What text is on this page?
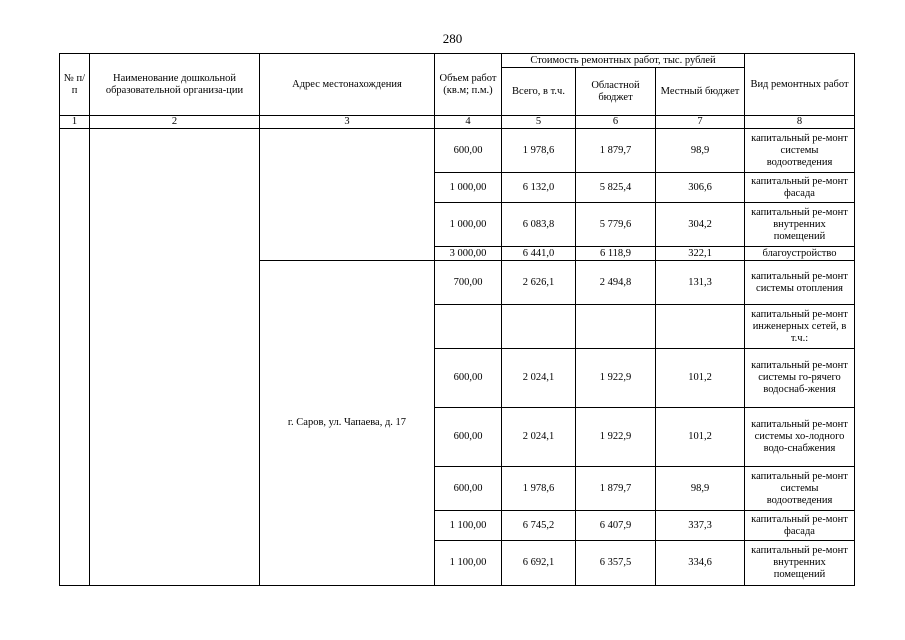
280
№ п/п	Наименование дошкольной образовательной организа-ции	Адрес местонахождения	Объем работ (кв.м; п.м.)	Стоимость ремонтных работ, тыс. рублей			Вид ремонтных работ
				Всего, в т.ч.	Областной бюджет	Местный бюджет	
1	2	3	4	5	6	7	8
			600,00	1 978,6	1 879,7	98,9	капитальный ре-монт системы водоотведения
			1 000,00	6 132,0	5 825,4	306,6	капитальный ре-монт фасада
			1 000,00	6 083,8	5 779,6	304,2	капитальный ре-монт внутренних помещений
			3 000,00	6 441,0	6 118,9	322,1	благоустройство
		г. Саров, ул. Чапаева, д. 17	700,00	2 626,1	2 494,8	131,3	капитальный ре-монт системы отопления
							капитальный ре-монт инженерных сетей, в т.ч.:
			600,00	2 024,1	1 922,9	101,2	капитальный ре-монт системы го-рячего водоснаб-жения
			600,00	2 024,1	1 922,9	101,2	капитальный ре-монт системы хо-лодного водо-снабжения
			600,00	1 978,6	1 879,7	98,9	капитальный ре-монт системы водоотведения
			1 100,00	6 745,2	6 407,9	337,3	капитальный ре-монт фасада
			1 100,00	6 692,1	6 357,5	334,6	капитальный ре-монт внутренних помещений
